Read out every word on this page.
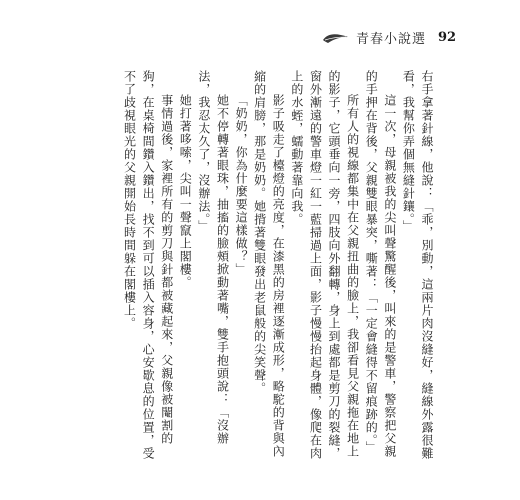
青春小說選 92

右手拿著針線，他說：「乖，別動，這兩片肉沒縫好，縫線外露很難看，我幫你弄個無縫針鑲。」

這一次，母親被我的尖叫聲驚醒後，叫來的是警車，警察把父親的手押在背後，父親雙眼暴突，嘶著：「一定會縫得不留痕跡的。」

所有人的視線都集中在父親扭曲的臉上，我卻看見父親拖在地上的影子，它頭垂向一旁，四肢向外翻轉，身上到處都是剪刀的裂縫，窗外漸遠的警車燈一紅一藍掃過上面，影子慢慢抬起身體，像爬在肉上的水蛭，蠕動著靠向我。

影子吸走了檯燈的亮度，在漆黑的房裡逐漸成形，略駝的背與內縮的肩膀，那是奶奶。她揹著雙眼發出老鼠般的尖笑聲。

「奶奶，你為什麼要這樣做？」

她不停轉著眼珠，抽搐的臉頰掀動著嘴，雙手抱頭說：「沒辦法，我忍太久了，沒辦法。」

她打著哆嗦，尖叫一聲竄上閣樓。

事情過後，家裡所有的剪刀與針都被藏起來，父親像被閹割的狗，在桌椅間鑽入鑽出，找不到可以插入容身，心安歇息的位置，受不了歧視眼光的父親開始長時間躲在閣樓上。
